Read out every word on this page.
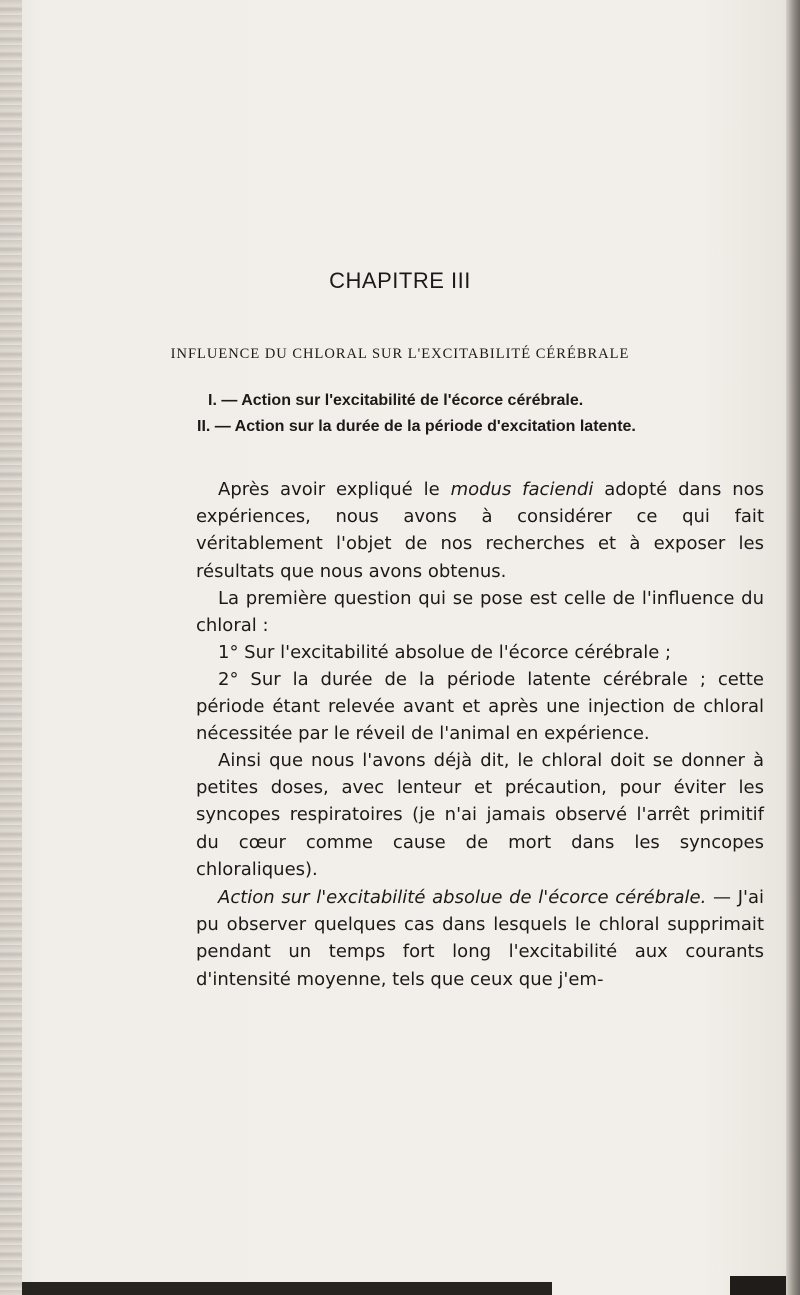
CHAPITRE III
INFLUENCE DU CHLORAL SUR L'EXCITABILITÉ CÉRÉBRALE
I. — Action sur l'excitabilité de l'écorce cérébrale.
II. — Action sur la durée de la période d'excitation latente.
Après avoir expliqué le modus faciendi adopté dans nos expériences, nous avons à considérer ce qui fait véritablement l'objet de nos recherches et à exposer les résultats que nous avons obtenus.
La première question qui se pose est celle de l'influence du chloral :
1° Sur l'excitabilité absolue de l'écorce cérébrale ;
2° Sur la durée de la période latente cérébrale ; cette période étant relevée avant et après une injection de chloral nécessitée par le réveil de l'animal en expérience.
Ainsi que nous l'avons déjà dit, le chloral doit se donner à petites doses, avec lenteur et précaution, pour éviter les syncopes respiratoires (je n'ai jamais observé l'arrêt primitif du cœur comme cause de mort dans les syncopes chloraliques).
Action sur l'excitabilité absolue de l'écorce cérébrale. — J'ai pu observer quelques cas dans lesquels le chloral supprimait pendant un temps fort long l'excitabilité aux courants d'intensité moyenne, tels que ceux que j'em-
